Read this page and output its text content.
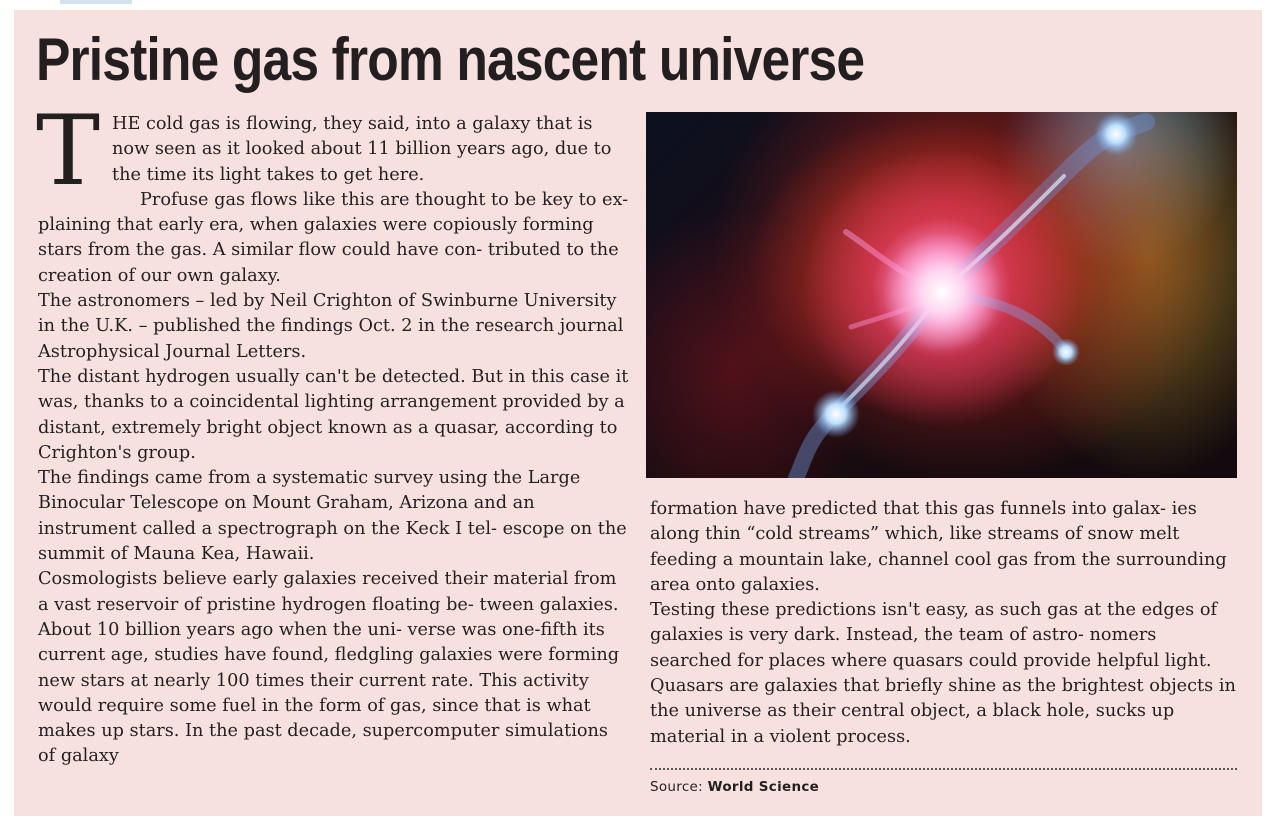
Pristine gas from nascent universe

THE cold gas is flowing, they said, into a galaxy that is now seen as it looked about 11 billion years ago, due to the time its light takes to get here.

Profuse gas flows like this are thought to be key to ex- plaining that early era, when galaxies were copiously forming stars from the gas. A similar flow could have con- tributed to the creation of our own galaxy.

The astronomers – led by Neil Crighton of Swinburne University in the U.K. – published the findings Oct. 2 in the research journal Astrophysical Journal Letters.

The distant hydrogen usually can't be detected. But in this case it was, thanks to a coincidental lighting arrangement provided by a distant, extremely bright object known as a quasar, according to Crighton's group.

The findings came from a systematic survey using the Large Binocular Telescope on Mount Graham, Arizona and an instrument called a spectrograph on the Keck I tel- escope on the summit of Mauna Kea, Hawaii.

Cosmologists believe early galaxies received their material from a vast reservoir of pristine hydrogen floating be- tween galaxies. About 10 billion years ago when the uni- verse was one-fifth its current age, studies have found, fledgling galaxies were forming new stars at nearly 100 times their current rate. This activity would require some fuel in the form of gas, since that is what makes up stars. In the past decade, supercomputer simulations of galaxy

formation have predicted that this gas funnels into galax- ies along thin “cold streams” which, like streams of snow melt feeding a mountain lake, channel cool gas from the surrounding area onto galaxies.

Testing these predictions isn't easy, as such gas at the edges of galaxies is very dark. Instead, the team of astro- nomers searched for places where quasars could provide helpful light. Quasars are galaxies that briefly shine as the brightest objects in the universe as their central object, a black hole, sucks up material in a violent process.

Source: World Science
